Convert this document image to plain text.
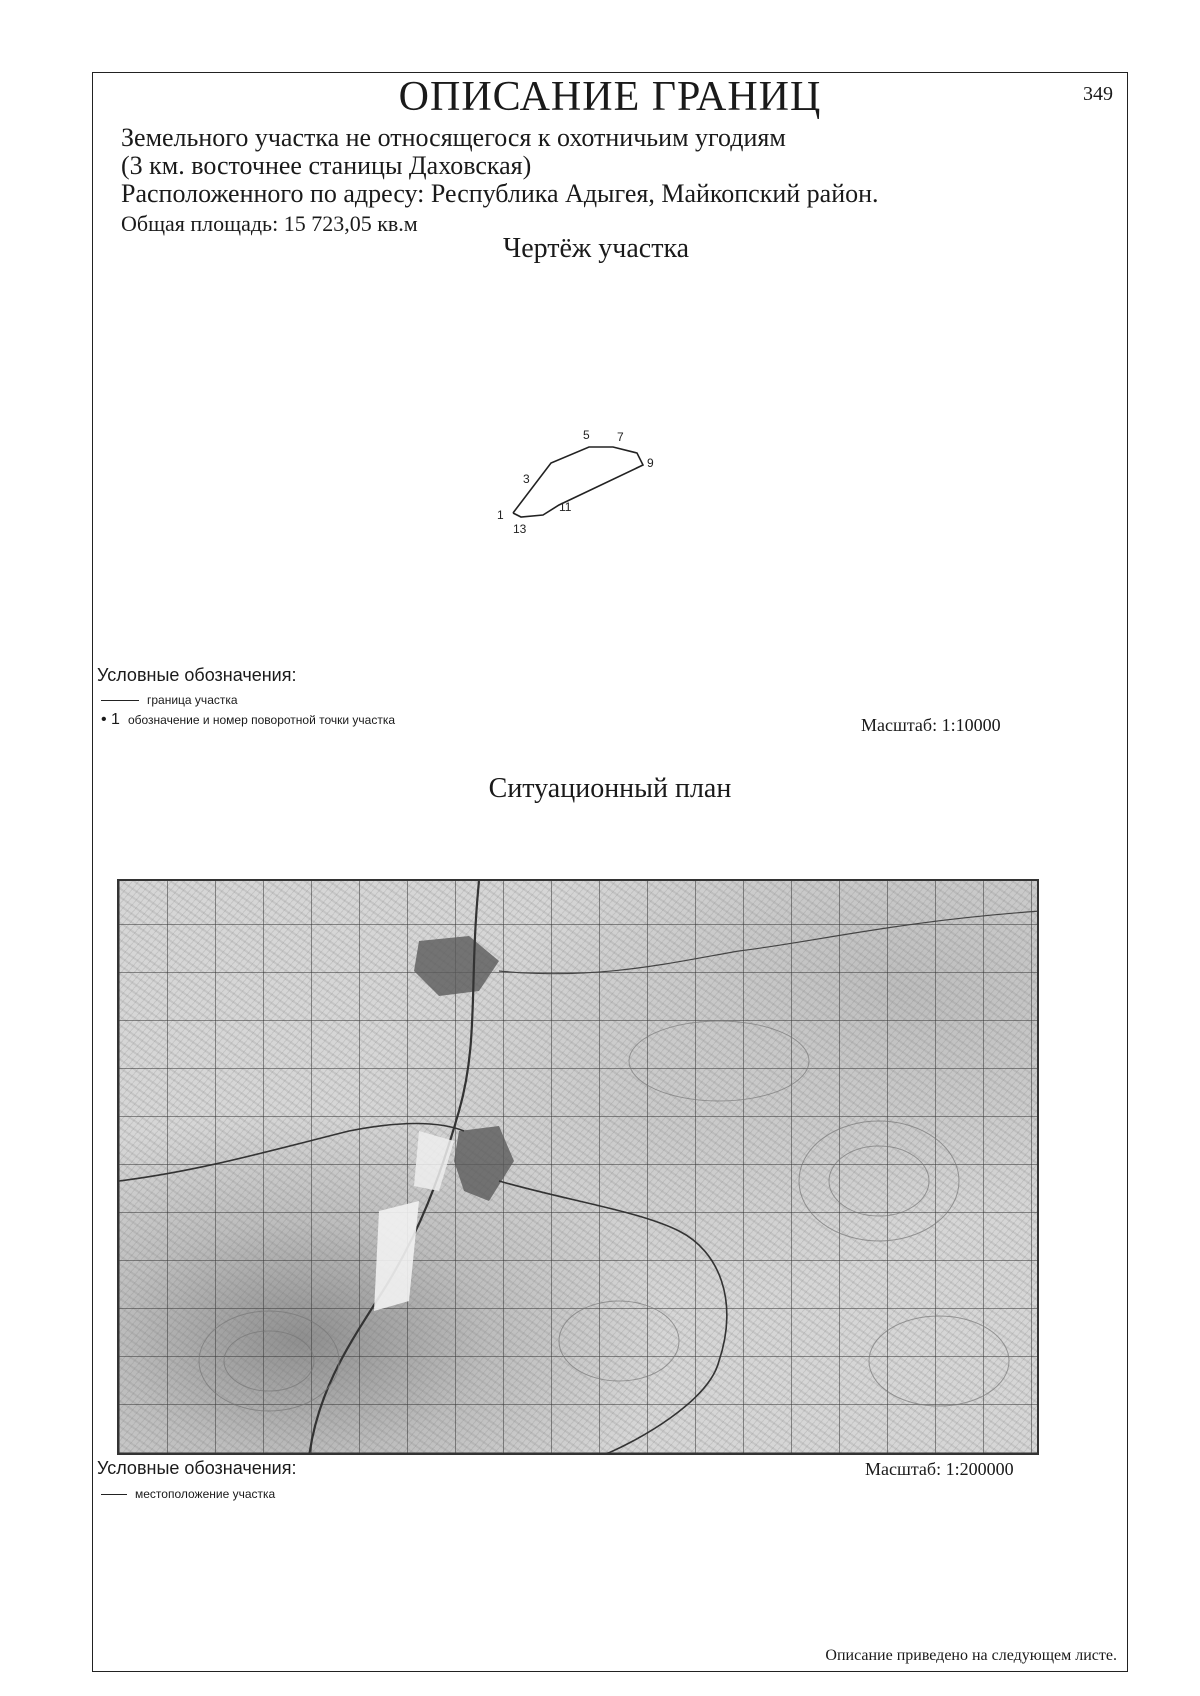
ОПИСАНИЕ ГРАНИЦ	349
Земельного участка не относящегося к охотничьим угодиям
(3 км. восточнее станицы Даховская)
Расположенного по адресу: Республика Адыгея, Майкопский район.
Общая площадь: 15 723,05 кв.м
Чертёж участка
1
3
5 7
9
11
13
Условные обозначения:
граница участка
• 1 обозначение и номер поворотной точки участка	Масштаб: 1:10000
Ситуационный план
Условные обозначения:
местоположение участка
Масштаб: 1:200000
Описание приведено на следующем листе.
